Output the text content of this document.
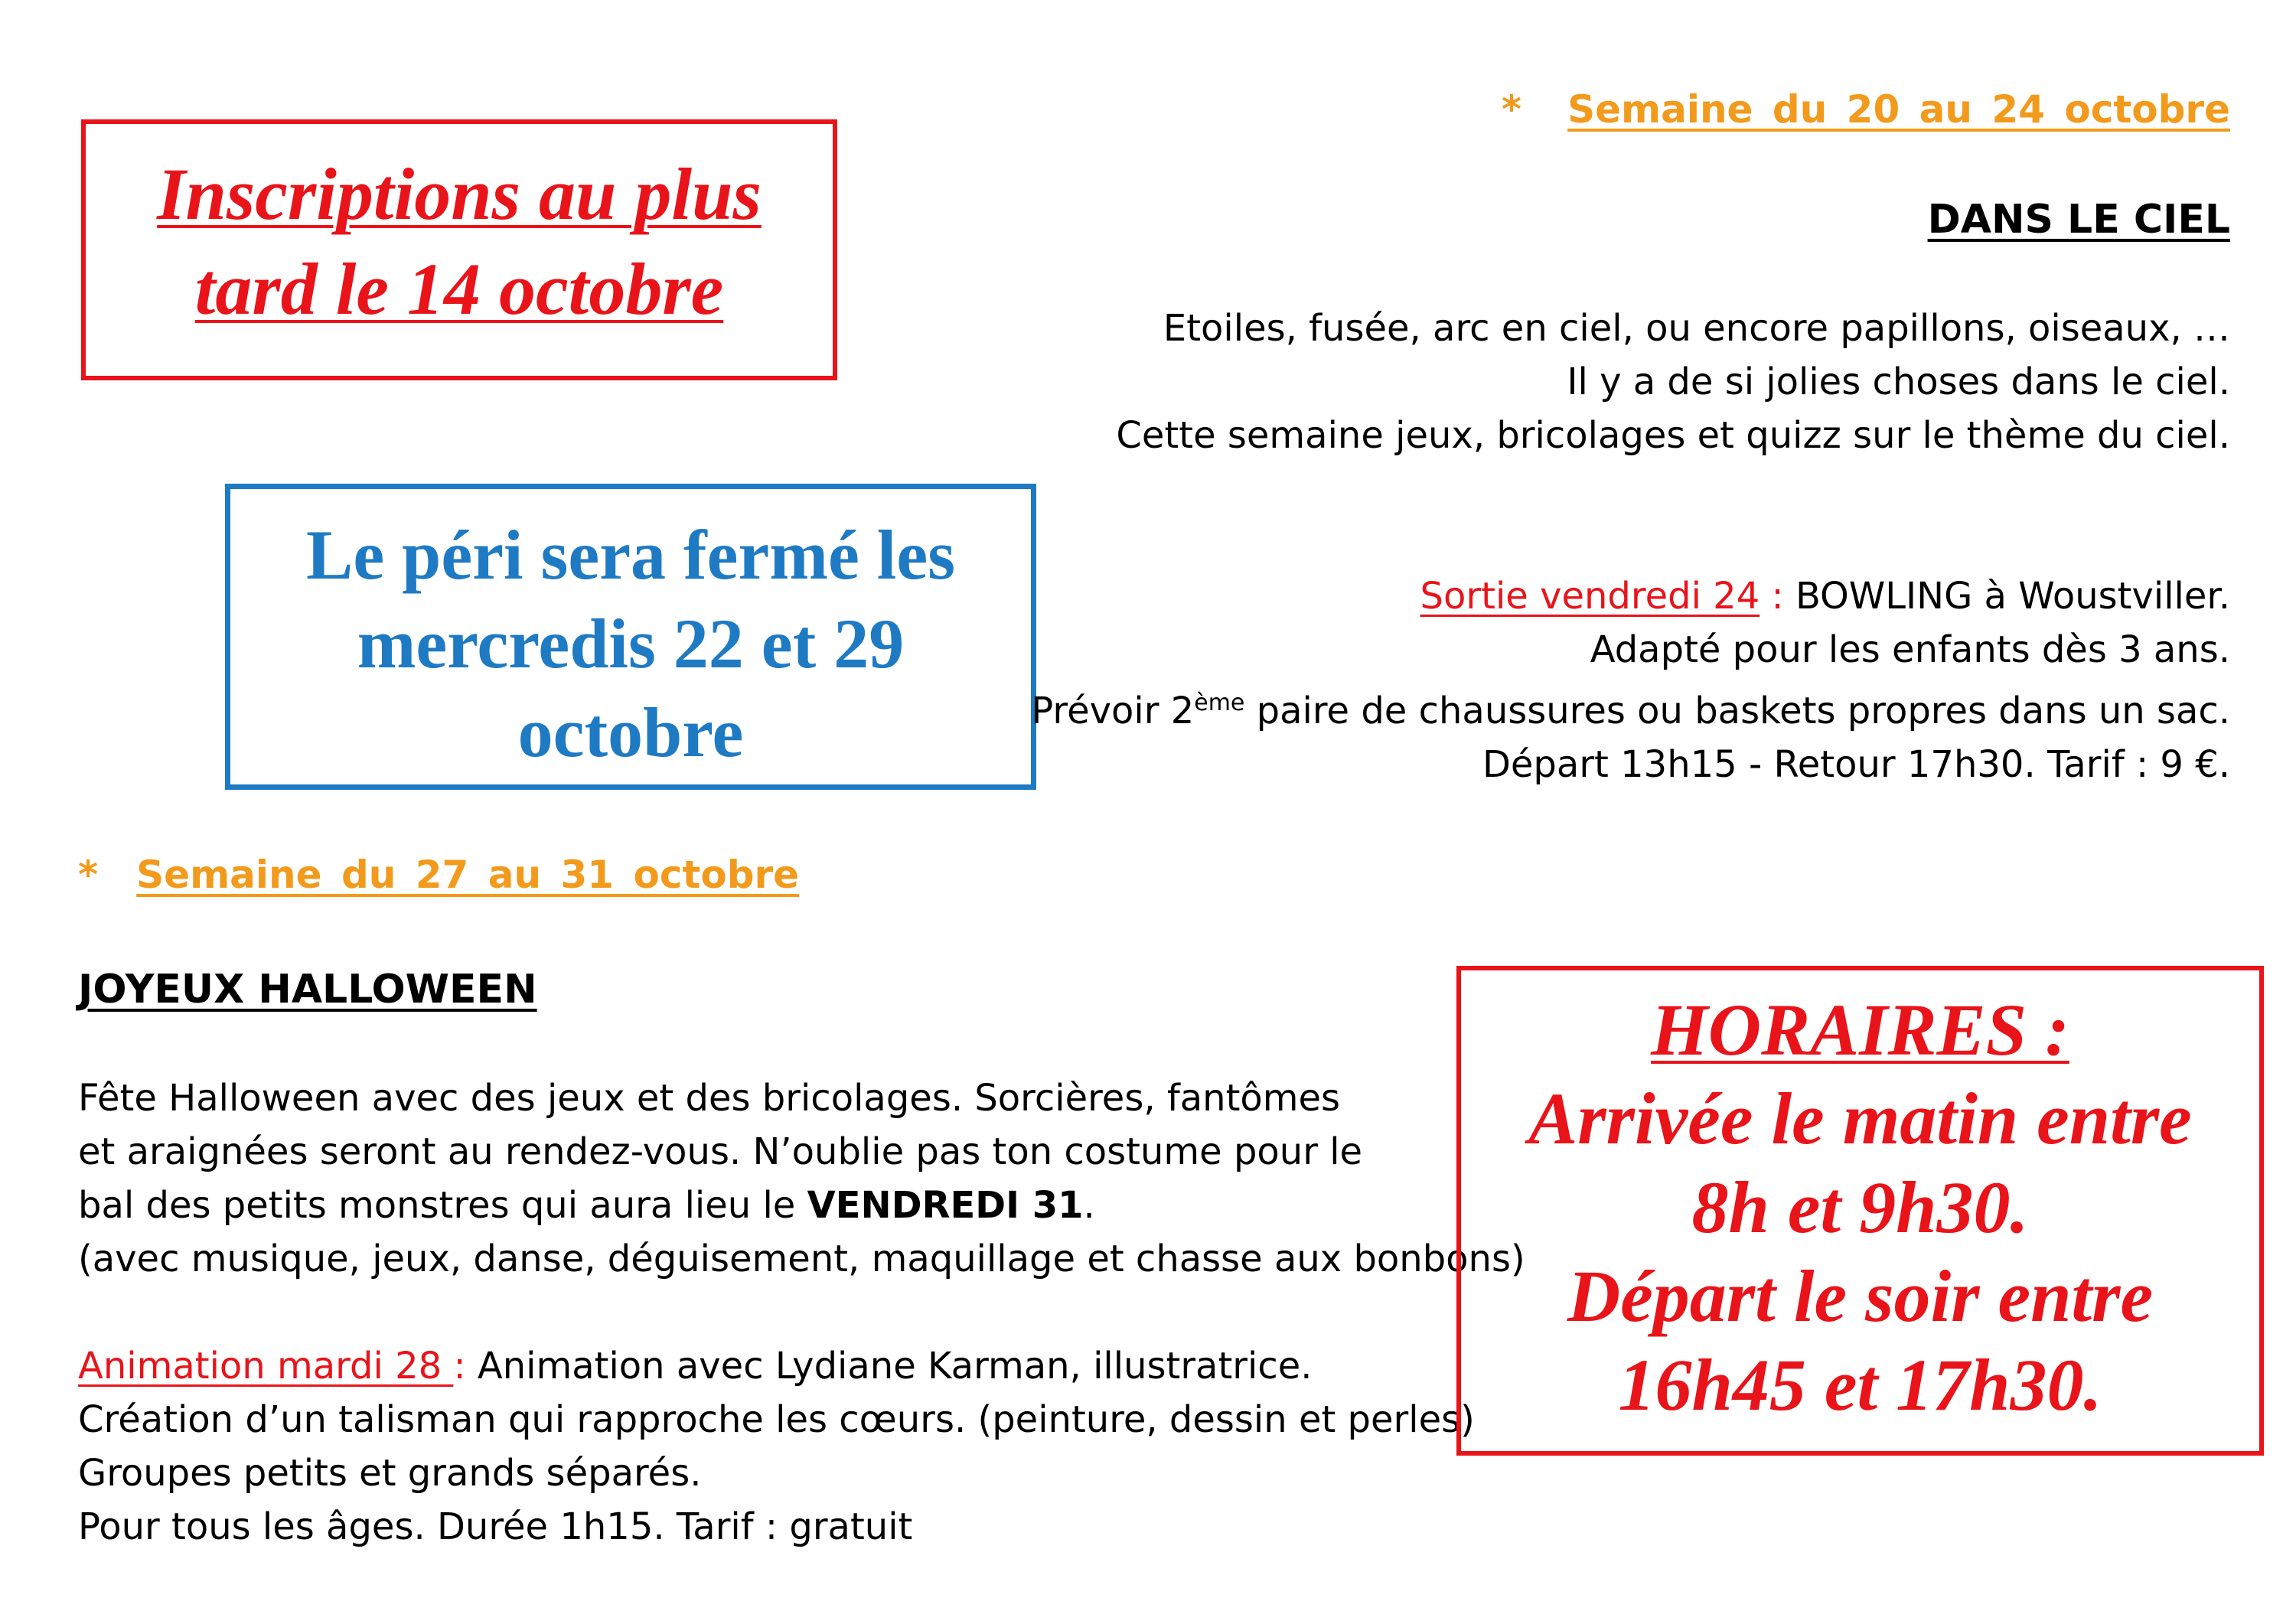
Inscriptions au plus
tard le 14 octobre
Le péri sera fermé les
mercredis 22 et 29
octobre
* Semaine du 20 au 24 octobre
DANS LE CIEL
Etoiles, fusée, arc en ciel, ou encore papillons, oiseaux, …
Il y a de si jolies choses dans le ciel.
Cette semaine jeux, bricolages et quizz sur le thème du ciel.
Sortie vendredi 24 : BOWLING à Woustviller.
Adapté pour les enfants dès 3 ans.
Prévoir 2ème paire de chaussures ou baskets propres dans un sac.
Départ 13h15 - Retour 17h30. Tarif : 9 €.
* Semaine du 27 au 31 octobre
JOYEUX HALLOWEEN
Fête Halloween avec des jeux et des bricolages. Sorcières, fantômes
et araignées seront au rendez-vous. N’oublie pas ton costume pour le
bal des petits monstres qui aura lieu le VENDREDI 31.
(avec musique, jeux, danse, déguisement, maquillage et chasse aux bonbons)
Animation mardi 28 : Animation avec Lydiane Karman, illustratrice.
Création d’un talisman qui rapproche les cœurs. (peinture, dessin et perles)
Groupes petits et grands séparés.
Pour tous les âges. Durée 1h15. Tarif : gratuit
HORAIRES :
Arrivée le matin entre
8h et 9h30.
Départ le soir entre
16h45 et 17h30.
